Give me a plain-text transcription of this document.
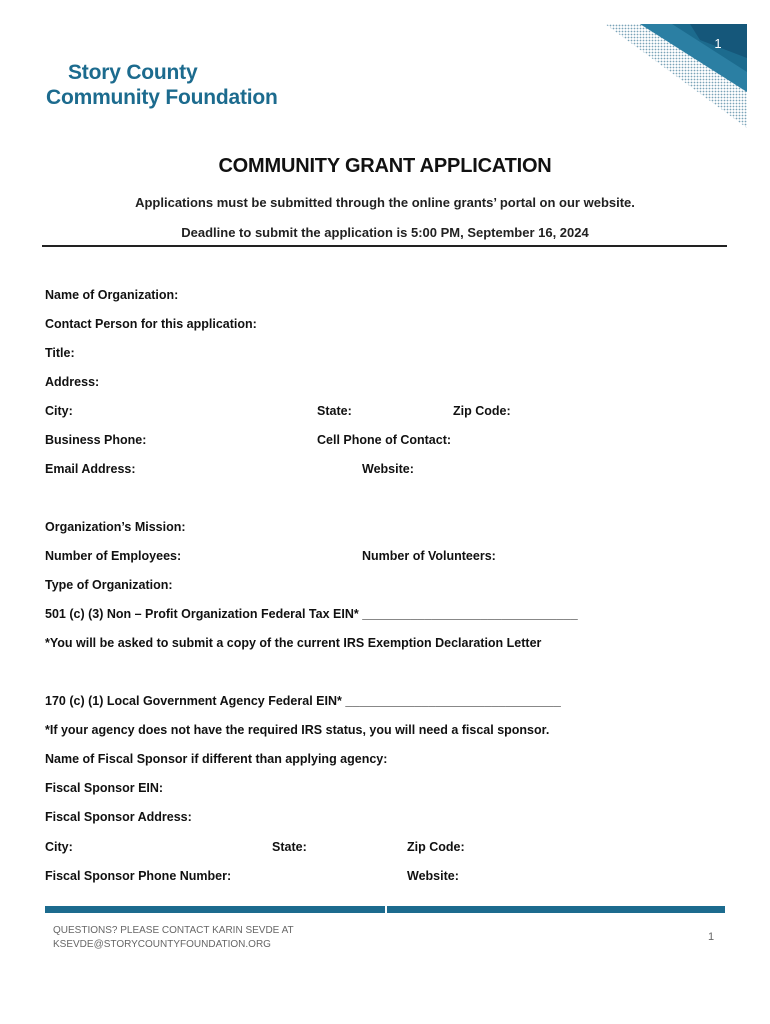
1
Story County
Community Foundation
COMMUNITY GRANT APPLICATION
Applications must be submitted through the online grants’ portal on our website.
Deadline to submit the application is 5:00 PM, September 16, 2024
Name of Organization:
Contact Person for this application:
Title:
Address:
City:	State:	Zip Code:
Business Phone:	Cell Phone of Contact:
Email Address:	Website:
Organization’s Mission:
Number of Employees:	Number of Volunteers:
Type of Organization:
501 (c) (3) Non – Profit Organization Federal Tax EIN* _______________________________
*You will be asked to submit a copy of the current IRS Exemption Declaration Letter
170 (c) (1) Local Government Agency Federal EIN* _______________________________
*If your agency does not have the required IRS status, you will need a fiscal sponsor.
Name of Fiscal Sponsor if different than applying agency:
Fiscal Sponsor EIN:
Fiscal Sponsor Address:
City:	State:	Zip Code:
Fiscal Sponsor Phone Number:	Website:
QUESTIONS? PLEASE CONTACT KARIN SEVDE AT
KSEVDE@STORYCOUNTYFOUNDATION.ORG
1
